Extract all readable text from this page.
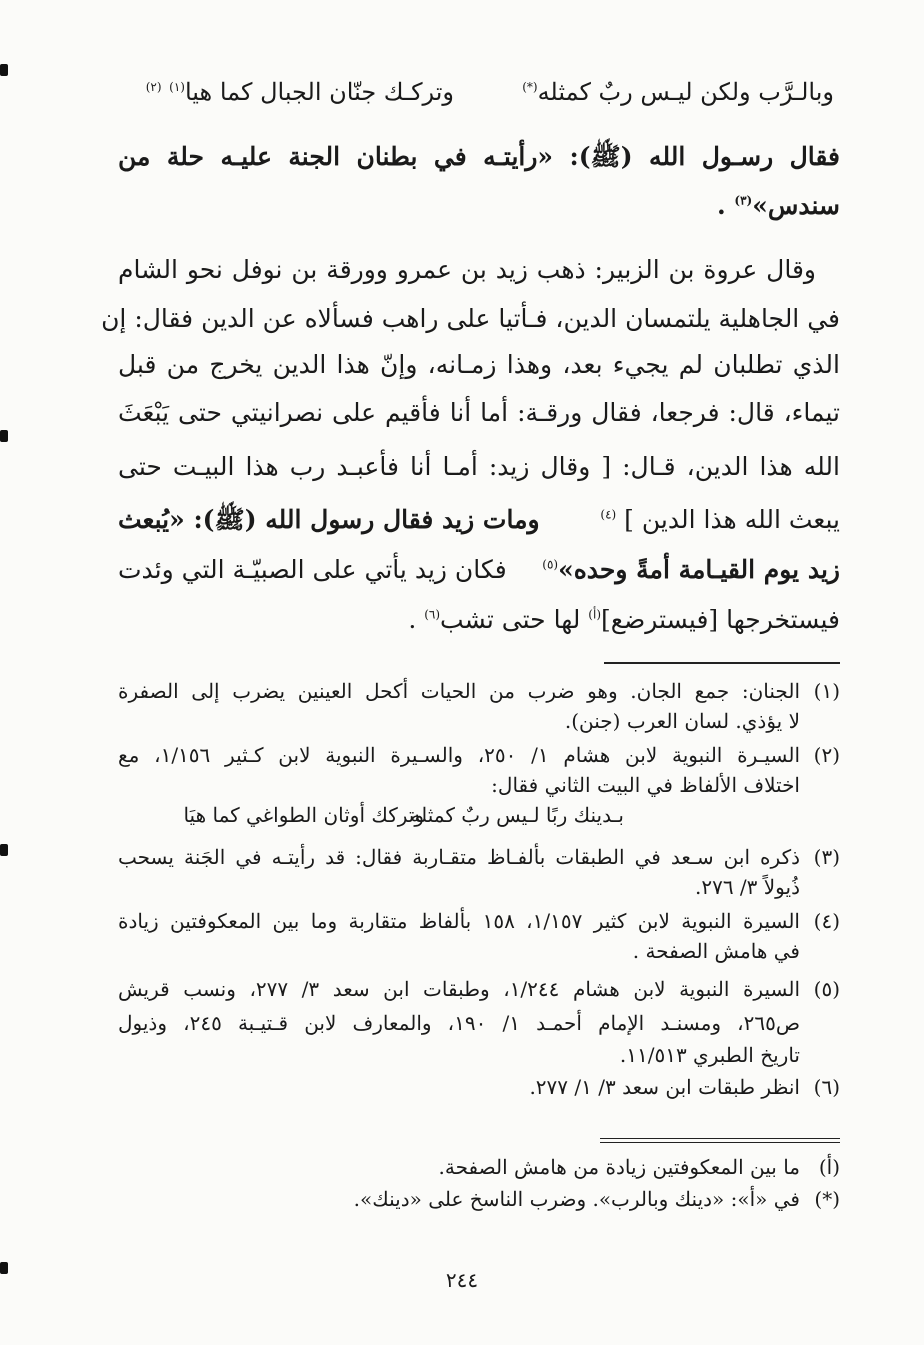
وبالـرَّب ولكن ليـس ربٌ كمثله(*)
وتركـك جنّان الجبال كما هيا$^{(١)}$ $^{(٢)}$
فقال رسـول الله (ﷺ): «رأيتـه في بطنان الجنة عليـه حلة من
سندس»$^{(٣)}$ .
وقال عروة بن الزبير: ذهب زيد بن عمرو وورقة بن نوفل نحو الشام
في الجاهلية يلتمسان الدين، فـأتيا على راهب فسألاه عن الدين فقال: إن
الذي تطلبان لم يجيء بعد، وهذا زمـانه، وإنّ هذا الدين يخرج من قبل
تيماء، قال: فرجعا، فقال ورقـة: أما أنا فأقيم على نصرانيتي حتى يَبْعَثَ
الله هذا الدين، قـال: [ وقال زيد: أمـا أنا فأعبـد رب هذا البيـت حتى
يبعث الله هذا الدين ] $^{(٤)}$
ومات زيد فقال رسول الله (ﷺ): «يُبعث
زيد يوم القيـامة أمةً وحده»$^{(٥)}$
فكان زيد يأتي على الصبيّـة التي وئدت
فيستخرجها [فيسترضع]$^{(أ)}$ لها حتى تشب$^{(٦)}$ .
(١)الجنان: جمع الجان. وهو ضرب من الحيات أكحل العينين يضرب إلى الصفرة
لا يؤذي. لسان العرب (جنن).
(٢)السيـرة النبوية لابن هشام ١/ ٢٥٠، والسـيرة النبوية لابن كـثير ١/١٥٦، مع
اختلاف الألفاظ في البيت الثاني فقال:
بـدينك ربًا لـيس ربٌ كمثله
وتركك أوثان الطواغي كما هيَا
(٣)ذكره ابن سـعد في الطبقات بألفـاظ متقـاربة فقال: قد رأيتـه في الجَنة يسحب
ذُيولاً ٣/ ٢٧٦.
(٤)السيرة النبوية لابن كثير ١/١٥٧، ١٥٨ بألفاظ متقاربة وما بين المعكوفتين زيادة
في هامش الصفحة .
(٥)السيرة النبوية لابن هشام ١/٢٤٤، وطبقات ابن سعد ٣/ ٢٧٧، ونسب قريش
ص٢٦٥، ومسنـد الإمام أحمـد ١/ ١٩٠، والمعارف لابن قـتيـبة ٢٤٥، وذيول
تاريخ الطبري ١١/٥١٣.
(٦)انظر طبقات ابن سعد ٣/ ١/ ٢٧٧.
(أ)ما بين المعكوفتين زيادة من هامش الصفحة.
(*)في «أ»: «دينك وبالرب». وضرب الناسخ على «دينك».
٢٤٤
